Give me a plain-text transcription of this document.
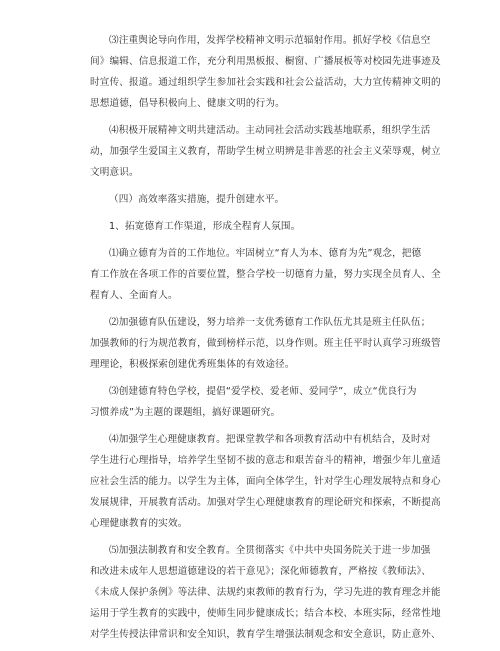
⑶注重舆论导向作用，发挥学校精神文明示范辐射作用。抓好学校《信息空
间》编辑、信息报道工作，充分利用黑板报、橱窗、广播展板等对校园先进事迹及
时宣传、报道。通过组织学生参加社会实践和社会公益活动，大力宣传精神文明的
思想道德，倡导积极向上、健康文明的行为。

⑷积极开展精神文明共建活动。主动同社会活动实践基地联系，组织学生活
动，加强学生爱国主义教育，帮助学生树立明辨是非善恶的社会主义荣辱观，树立
文明意识。

（四）高效率落实措施，提升创建水平。

1、拓宽德育工作渠道，形成全程育人氛围。

⑴确立德育为首的工作地位。牢固树立“育人为本、德育为先”观念，把德
育工作放在各项工作的首要位置，整合学校一切德育力量，努力实现全员育人、全
程育人、全面育人。

⑵加强德育队伍建设，努力培养一支优秀德育工作队伍尤其是班主任队伍；
加强教师的行为规范教育，做到榜样示范，以身作则。班主任平时认真学习班级管
理理论，积极探索创建优秀班集体的有效途径。

⑶创建德育特色学校，提倡“爱学校、爱老师、爱同学”，成立“优良行为
习惯养成”为主题的课题组，搞好课题研究。

⑷加强学生心理健康教育。把课堂教学和各项教育活动中有机结合，及时对
学生进行心理指导，培养学生坚韧不拔的意志和艰苦奋斗的精神，增强少年儿童适
应社会生活的能力。以学生为主体，面向全体学生，针对学生心理发展特点和身心
发展规律，开展教育活动。加强对学生心理健康教育的理论研究和探索，不断提高
心理健康教育的实效。

⑸加强法制教育和安全教育。全贯彻落实《中共中央国务院关于进一步加强
和改进未成年人思想道德建设的若干意见》；深化师德教育，严格按《教师法》、
《未成人保护条例》等法律、法规约束教师的教育行为，学习先进的教育理念并能
运用于学生教育的实践中，使师生同步健康成长；结合本校、本班实际，经常性地
对学生传授法律常识和安全知识，教育学生增强法制观念和安全意识，防止意外、
